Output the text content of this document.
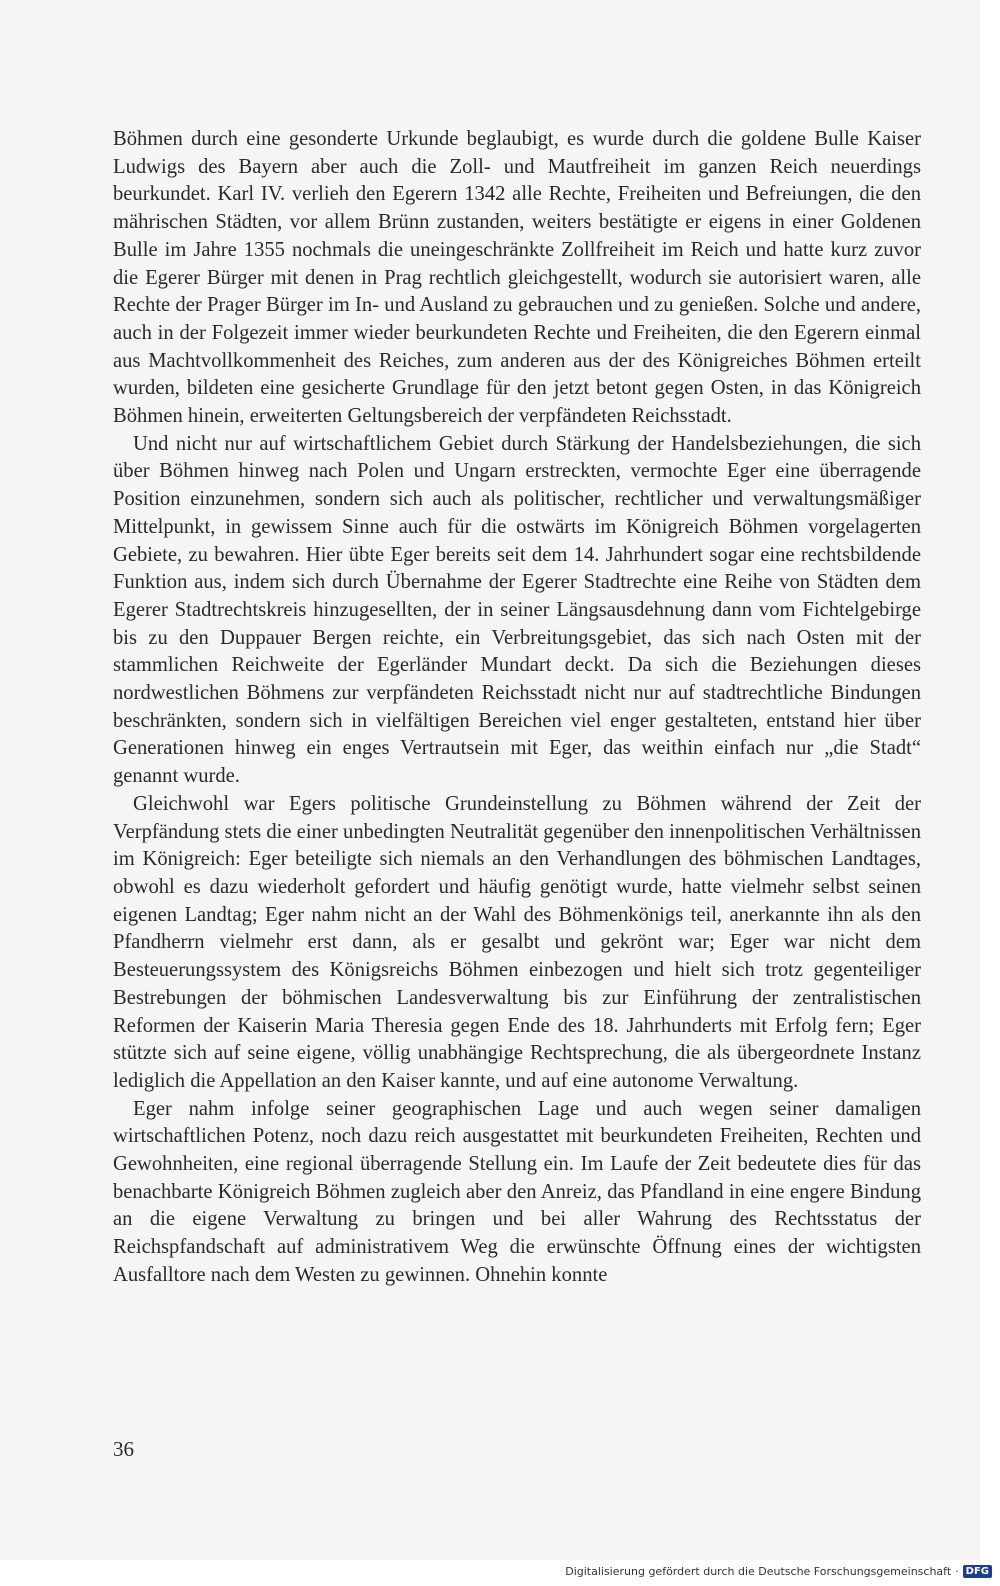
Böhmen durch eine gesonderte Urkunde beglaubigt, es wurde durch die goldene Bulle Kaiser Ludwigs des Bayern aber auch die Zoll- und Mautfreiheit im ganzen Reich neuerdings beurkundet. Karl IV. verlieh den Egerern 1342 alle Rechte, Freiheiten und Befreiungen, die den mährischen Städten, vor allem Brünn zustanden, weiters bestätigte er eigens in einer Goldenen Bulle im Jahre 1355 nochmals die uneingeschränkte Zollfreiheit im Reich und hatte kurz zuvor die Egerer Bürger mit denen in Prag rechtlich gleichgestellt, wodurch sie autorisiert waren, alle Rechte der Prager Bürger im In- und Ausland zu gebrauchen und zu genießen. Solche und andere, auch in der Folgezeit immer wieder beurkundeten Rechte und Freiheiten, die den Egerern einmal aus Machtvollkommenheit des Reiches, zum anderen aus der des Königreiches Böhmen erteilt wurden, bildeten eine gesicherte Grundlage für den jetzt betont gegen Osten, in das Königreich Böhmen hinein, erweiterten Geltungsbereich der verpfändeten Reichsstadt.

Und nicht nur auf wirtschaftlichem Gebiet durch Stärkung der Handelsbeziehungen, die sich über Böhmen hinweg nach Polen und Ungarn erstreckten, vermochte Eger eine überragende Position einzunehmen, sondern sich auch als politischer, rechtlicher und verwaltungsmäßiger Mittelpunkt, in gewissem Sinne auch für die ostwärts im Königreich Böhmen vorgelagerten Gebiete, zu bewahren. Hier übte Eger bereits seit dem 14. Jahrhundert sogar eine rechtsbildende Funktion aus, indem sich durch Übernahme der Egerer Stadtrechte eine Reihe von Städten dem Egerer Stadtrechtskreis hinzugesellten, der in seiner Längsausdehnung dann vom Fichtelgebirge bis zu den Duppauer Bergen reichte, ein Verbreitungsgebiet, das sich nach Osten mit der stammlichen Reichweite der Egerländer Mundart deckt. Da sich die Beziehungen dieses nordwestlichen Böhmens zur verpfändeten Reichsstadt nicht nur auf stadtrechtliche Bindungen beschränkten, sondern sich in vielfältigen Bereichen viel enger gestalteten, entstand hier über Generationen hinweg ein enges Vertrautsein mit Eger, das weithin einfach nur „die Stadt“ genannt wurde.

Gleichwohl war Egers politische Grundeinstellung zu Böhmen während der Zeit der Verpfändung stets die einer unbedingten Neutralität gegenüber den innenpolitischen Verhältnissen im Königreich: Eger beteiligte sich niemals an den Verhandlungen des böhmischen Landtages, obwohl es dazu wiederholt gefordert und häufig genötigt wurde, hatte vielmehr selbst seinen eigenen Landtag; Eger nahm nicht an der Wahl des Böhmenkönigs teil, anerkannte ihn als den Pfandherrn vielmehr erst dann, als er gesalbt und gekrönt war; Eger war nicht dem Besteuerungssystem des Königsreichs Böhmen einbezogen und hielt sich trotz gegenteiliger Bestrebungen der böhmischen Landesverwaltung bis zur Einführung der zentralistischen Reformen der Kaiserin Maria Theresia gegen Ende des 18. Jahrhunderts mit Erfolg fern; Eger stützte sich auf seine eigene, völlig unabhängige Rechtsprechung, die als übergeordnete Instanz lediglich die Appellation an den Kaiser kannte, und auf eine autonome Verwaltung.

Eger nahm infolge seiner geographischen Lage und auch wegen seiner damaligen wirtschaftlichen Potenz, noch dazu reich ausgestattet mit beurkundeten Freiheiten, Rechten und Gewohnheiten, eine regional überragende Stellung ein. Im Laufe der Zeit bedeutete dies für das benachbarte Königreich Böhmen zugleich aber den Anreiz, das Pfandland in eine engere Bindung an die eigene Verwaltung zu bringen und bei aller Wahrung des Rechtsstatus der Reichspfandschaft auf administrativem Weg die erwünschte Öffnung eines der wichtigsten Ausfalltore nach dem Westen zu gewinnen. Ohnehin konnte

36
Digitalisierung gefördert durch die Deutsche Forschungsgemeinschaft · DFG
